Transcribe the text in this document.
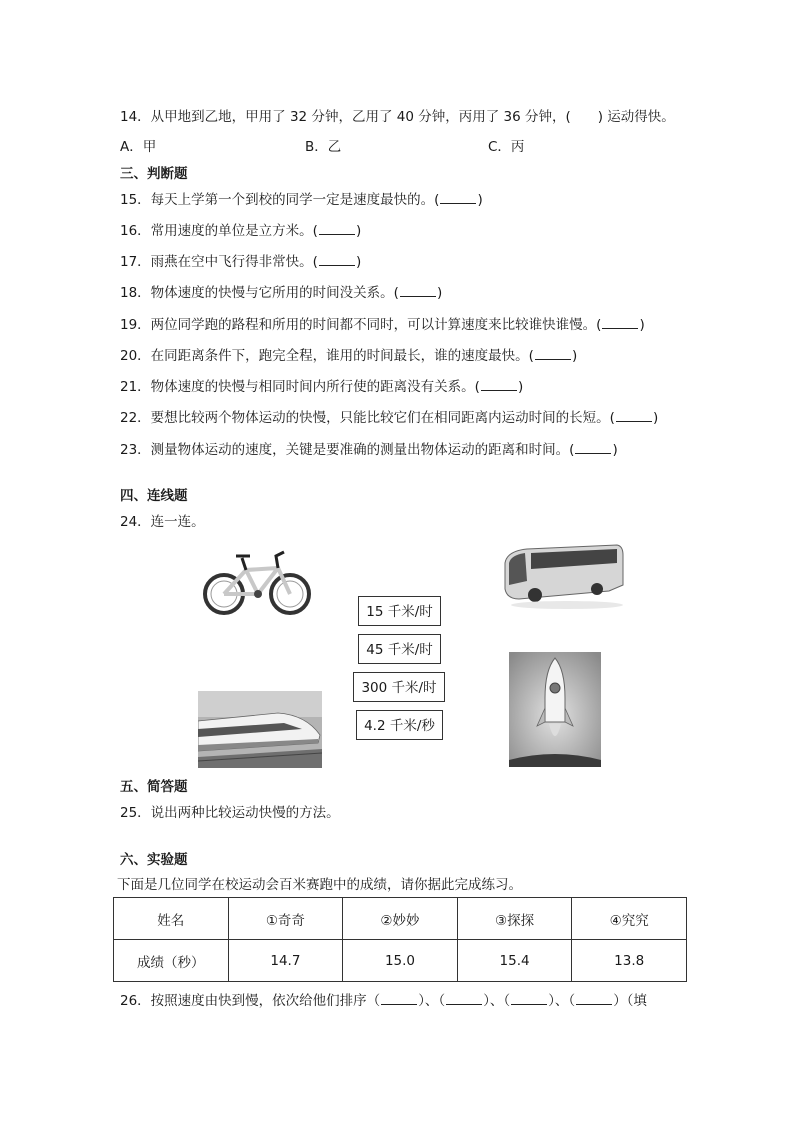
14．从甲地到乙地，甲用了 32 分钟，乙用了 40 分钟，丙用了 36 分钟，(　　) 运动得快。
A．甲	B．乙	C．丙
三、判断题
15．每天上学第一个到校的同学一定是速度最快的。(	)
16．常用速度的单位是立方米。(	)
17．雨燕在空中飞行得非常快。(	)
18．物体速度的快慢与它所用的时间没关系。(	)
19．两位同学跑的路程和所用的时间都不同时，可以计算速度来比较谁快谁慢。(	)
20．在同距离条件下，跑完全程，谁用的时间最长，谁的速度最快。(	)
21．物体速度的快慢与相同时间内所行使的距离没有关系。(	)
22．要想比较两个物体运动的快慢，只能比较它们在相同距离内运动时间的长短。(	)
23．测量物体运动的速度，关键是要准确的测量出物体运动的距离和时间。(	)
四、连线题
24．连一连。
15 千米/时
45 千米/时
300 千米/时
4.2 千米/秒
五、简答题
25．说出两种比较运动快慢的方法。
六、实验题
下面是几位同学在校运动会百米赛跑中的成绩，请你据此完成练习。
姓名	①奇奇	②妙妙	③探探	④究究
成绩（秒）	14.7	15.0	15.4	13.8
26．按照速度由快到慢，依次给他们排序（	）、（	）、（	）、（	）（填
